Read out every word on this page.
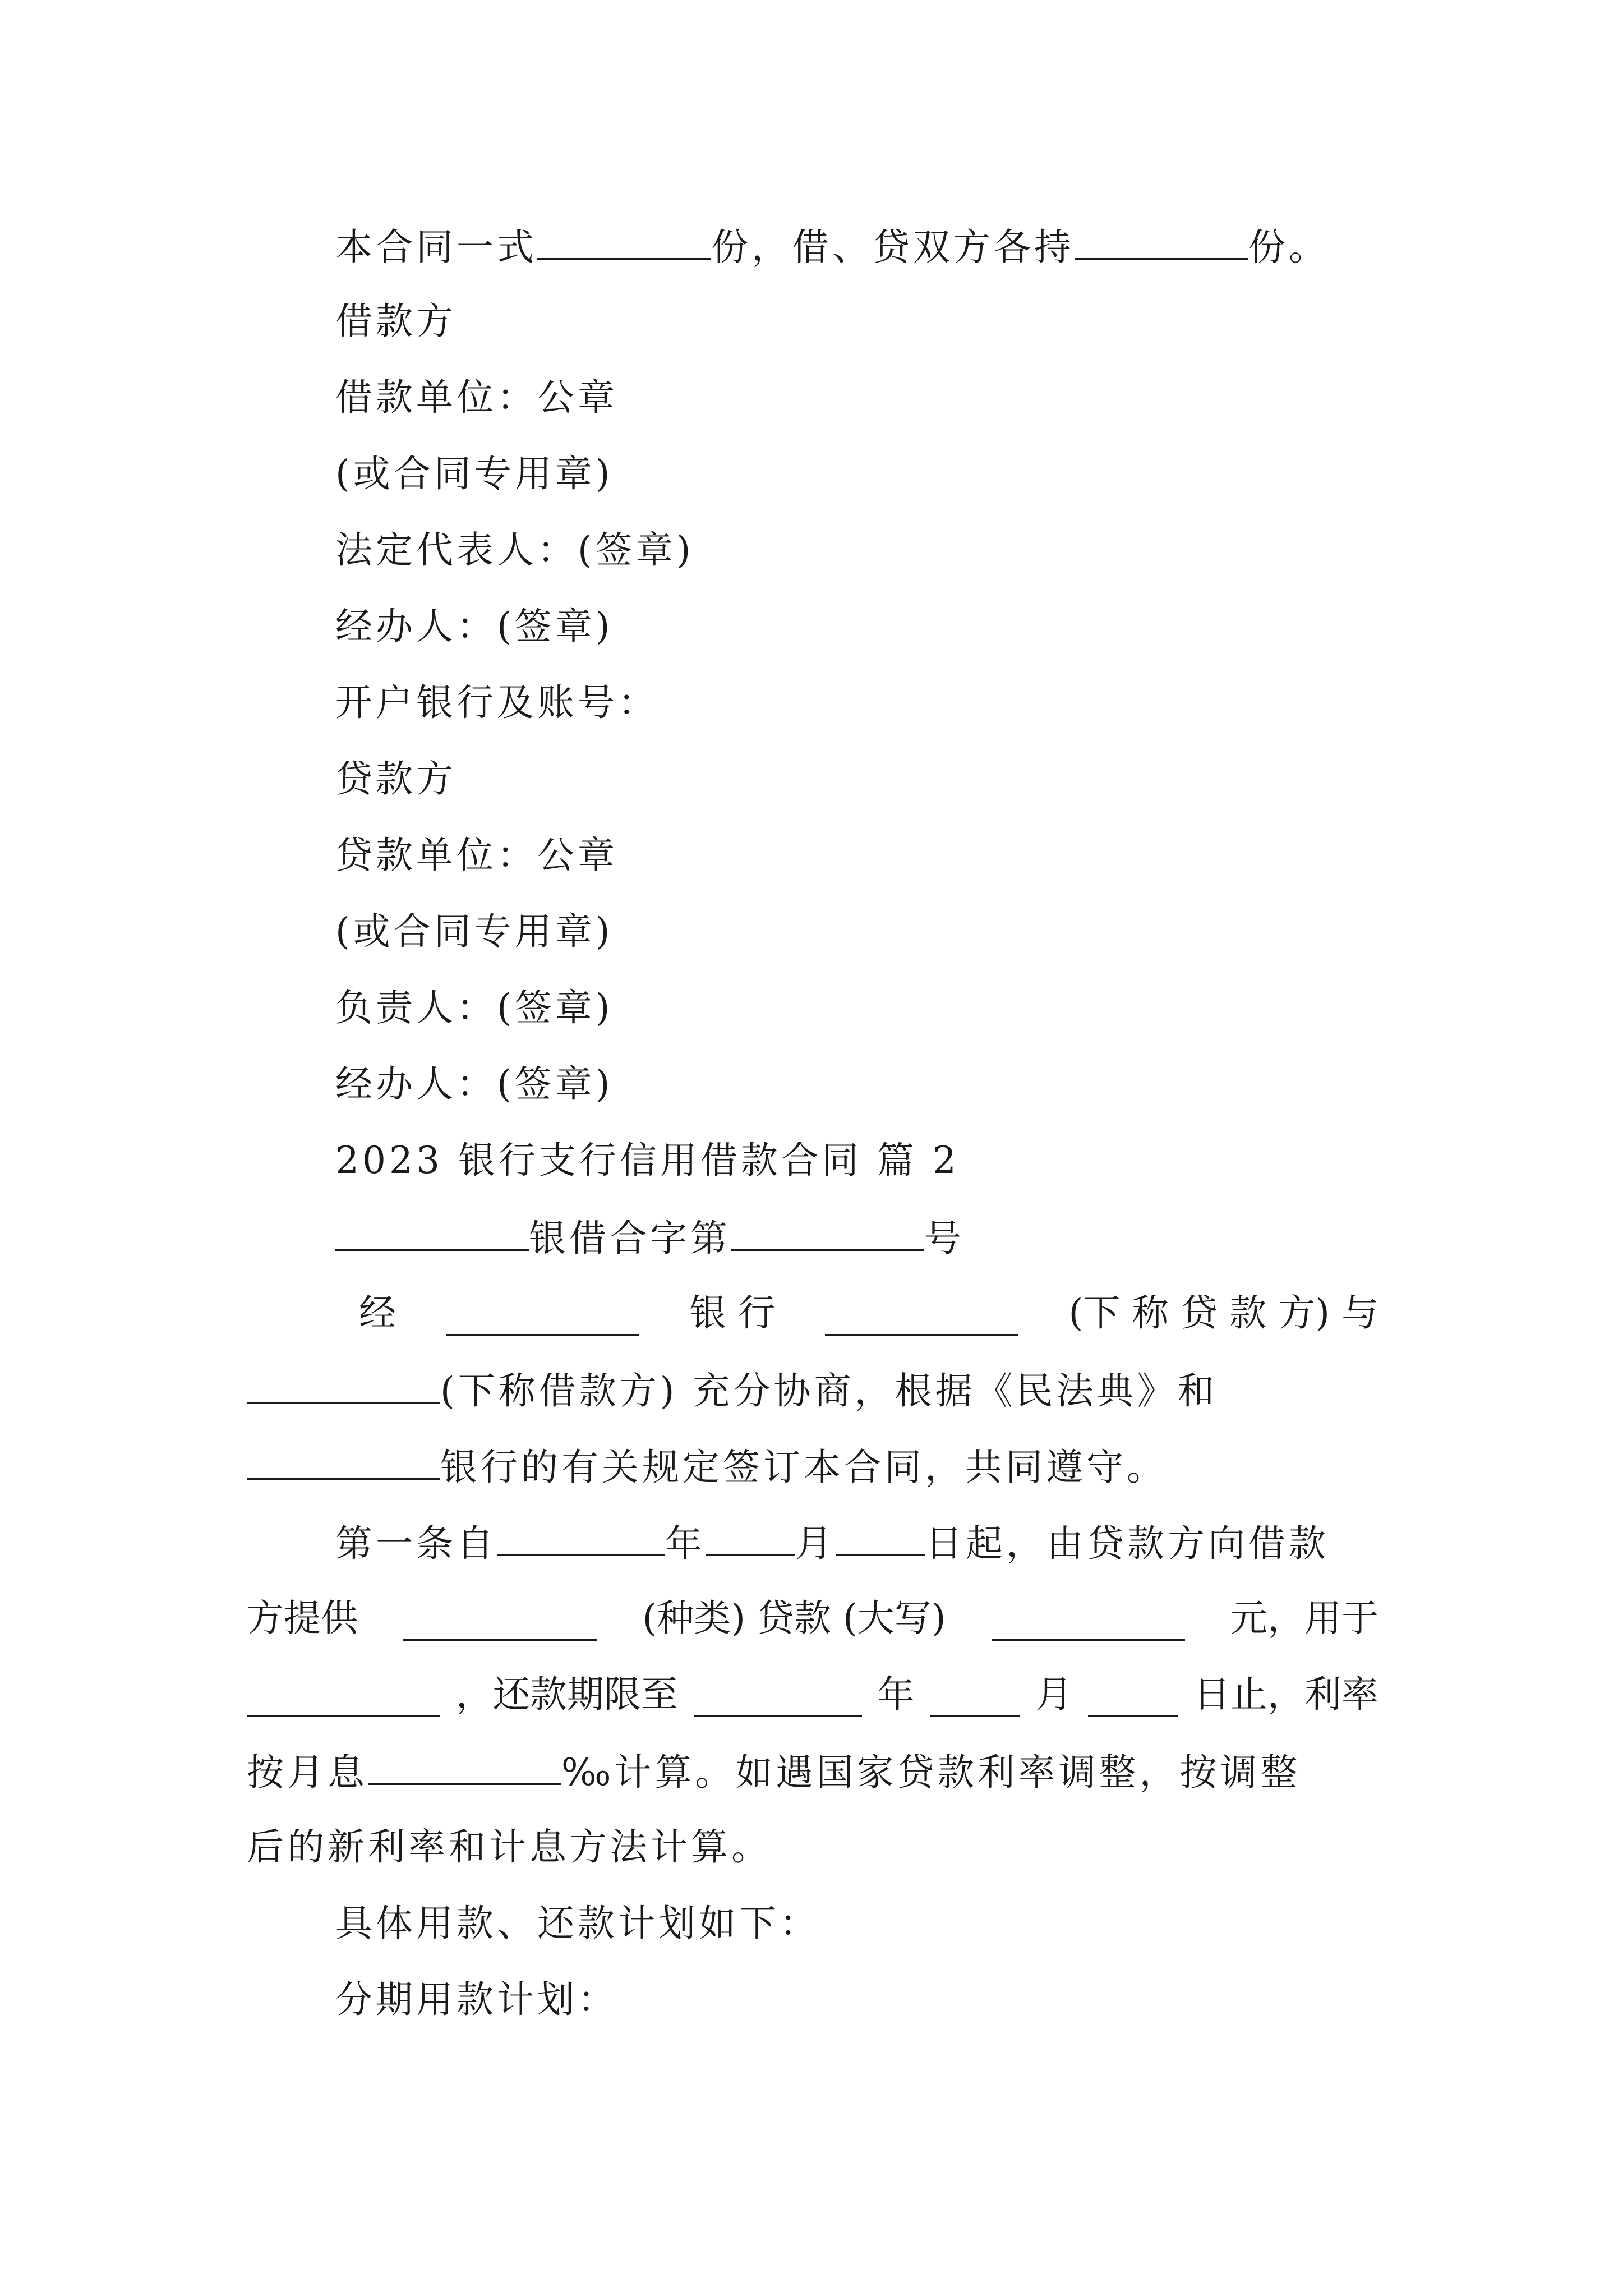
本合同一式	份，借、贷双方各持	份。
借款方
借款单位：公章
(或合同专用章)
法定代表人：(签章)
经办人：(签章)
开户银行及账号：
贷款方
贷款单位：公章
(或合同专用章)
负责人：(签章)
经办人：(签章)
2023 银行支行信用借款合同 篇 2
银借合字第	号
经	银 行	(下 称 贷 款 方) 与
(下称借款方) 充分协商，根据《民法典》和
银行的有关规定签订本合同，共同遵守。
第一条自	年 月 日起，由贷款方向借款
方提供	(种类) 贷款 (大写)	元，用于
，还款期限至	年	月	日止，利率
按月息	‰计算。如遇国家贷款利率调整，按调整
后的新利率和计息方法计算。
具体用款、还款计划如下：
分期用款计划：
